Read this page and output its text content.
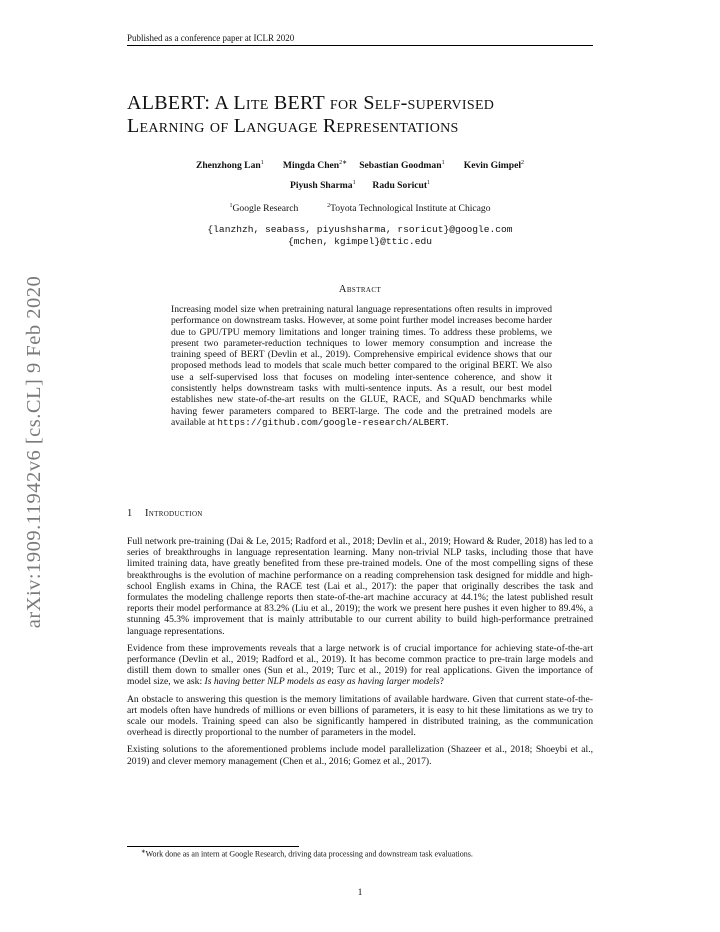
Published as a conference paper at ICLR 2020
arXiv:1909.11942v6 [cs.CL] 9 Feb 2020
ALBERT: A Lite BERT for Self-supervised
Learning of Language Representations
Zhenzhong Lan$^1$ Mingda Chen$^{2∗}$ Sebastian Goodman$^1$ Kevin Gimpel$^2$
Piyush Sharma$^1$ Radu Soricut$^1$
$^1$Google Research	$^2$Toyota Technological Institute at Chicago
{lanzhzh, seabass, piyushsharma, rsoricut}@google.com
{mchen, kgimpel}@ttic.edu
Abstract
Increasing model size when pretraining natural language representations often results in improved performance on downstream tasks. However, at some point further model increases become harder due to GPU/TPU memory limitations and longer training times. To address these problems, we present two parameter-reduction techniques to lower memory consumption and increase the training speed of BERT (Devlin et al., 2019). Comprehensive empirical evidence shows that our proposed methods lead to models that scale much better compared to the original BERT. We also use a self-supervised loss that focuses on modeling inter-sentence coherence, and show it consistently helps downstream tasks with multi-sentence inputs. As a result, our best model establishes new state-of-the-art results on the GLUE, RACE, and SQuAD benchmarks while having fewer parameters compared to BERT-large. The code and the pretrained models are available at https://github.com/google-research/ALBERT.
1 Introduction

Full network pre-training (Dai & Le, 2015; Radford et al., 2018; Devlin et al., 2019; Howard & Ruder, 2018) has led to a series of breakthroughs in language representation learning. Many non-trivial NLP tasks, including those that have limited training data, have greatly benefited from these pre-trained models. One of the most compelling signs of these breakthroughs is the evolution of machine performance on a reading comprehension task designed for middle and high-school English exams in China, the RACE test (Lai et al., 2017): the paper that originally describes the task and formulates the modeling challenge reports then state-of-the-art machine accuracy at 44.1%; the latest published result reports their model performance at 83.2% (Liu et al., 2019); the work we present here pushes it even higher to 89.4%, a stunning 45.3% improvement that is mainly attributable to our current ability to build high-performance pretrained language representations.

Evidence from these improvements reveals that a large network is of crucial importance for achieving state-of-the-art performance (Devlin et al., 2019; Radford et al., 2019). It has become common practice to pre-train large models and distill them down to smaller ones (Sun et al., 2019; Turc et al., 2019) for real applications. Given the importance of model size, we ask: Is having better NLP models as easy as having larger models?

An obstacle to answering this question is the memory limitations of available hardware. Given that current state-of-the-art models often have hundreds of millions or even billions of parameters, it is easy to hit these limitations as we try to scale our models. Training speed can also be significantly hampered in distributed training, as the communication overhead is directly proportional to the number of parameters in the model.

Existing solutions to the aforementioned problems include model parallelization (Shazeer et al., 2018; Shoeybi et al., 2019) and clever memory management (Chen et al., 2016; Gomez et al., 2017).

∗Work done as an intern at Google Research, driving data processing and downstream task evaluations.
1
